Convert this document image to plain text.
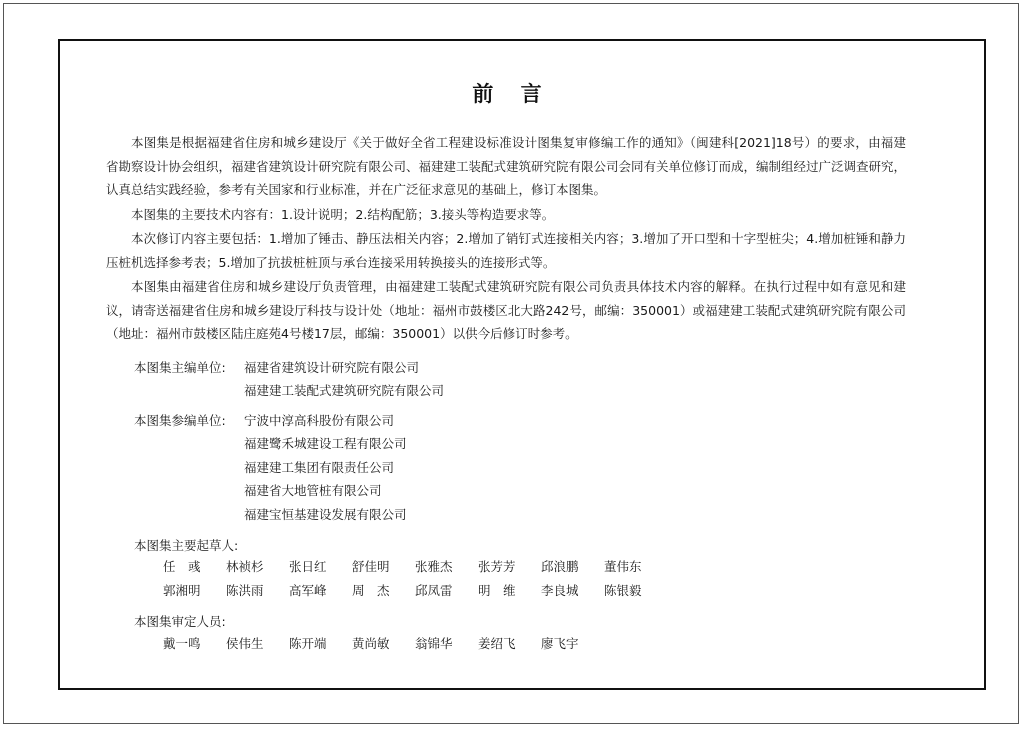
前 言

本图集是根据福建省住房和城乡建设厅《关于做好全省工程建设标准设计图集复审修编工作的通知》（闽建科[2021]18号）的要求，由福建省勘察设计协会组织，福建省建筑设计研究院有限公司、福建建工装配式建筑研究院有限公司会同有关单位修订而成，编制组经过广泛调查研究，认真总结实践经验，参考有关国家和行业标准，并在广泛征求意见的基础上，修订本图集。

本图集的主要技术内容有：1.设计说明；2.结构配筋；3.接头等构造要求等。

本次修订内容主要包括：1.增加了锤击、静压法相关内容；2.增加了销钉式连接相关内容；3.增加了开口型和十字型桩尖；4.增加桩锤和静力压桩机选择参考表；5.增加了抗拔桩桩顶与承台连接采用转换接头的连接形式等。

本图集由福建省住房和城乡建设厅负责管理，由福建建工装配式建筑研究院有限公司负责具体技术内容的解释。在执行过程中如有意见和建议，请寄送福建省住房和城乡建设厅科技与设计处（地址：福州市鼓楼区北大路242号，邮编：350001）或福建建工装配式建筑研究院有限公司（地址：福州市鼓楼区陆庄庭苑4号楼17层，邮编：350001）以供今后修订时参考。

本图集主编单位: 福建省建筑设计研究院有限公司
福建建工装配式建筑研究院有限公司
本图集参编单位: 宁波中淳高科股份有限公司
福建鹭禾城建设工程有限公司
福建建工集团有限责任公司
福建省大地管桩有限公司
福建宝恒基建设发展有限公司
本图集主要起草人:
任　彧 林祯杉 张日红 舒佳明 张雅杰 张芳芳 邱浪鹏 董伟东
郭湘明 陈洪雨 高军峰 周　杰 邱凤雷 明　维 李良城 陈银毅
本图集审定人员:
戴一鸣 侯伟生 陈开端 黄尚敏 翁锦华 姜绍飞 廖飞宇
